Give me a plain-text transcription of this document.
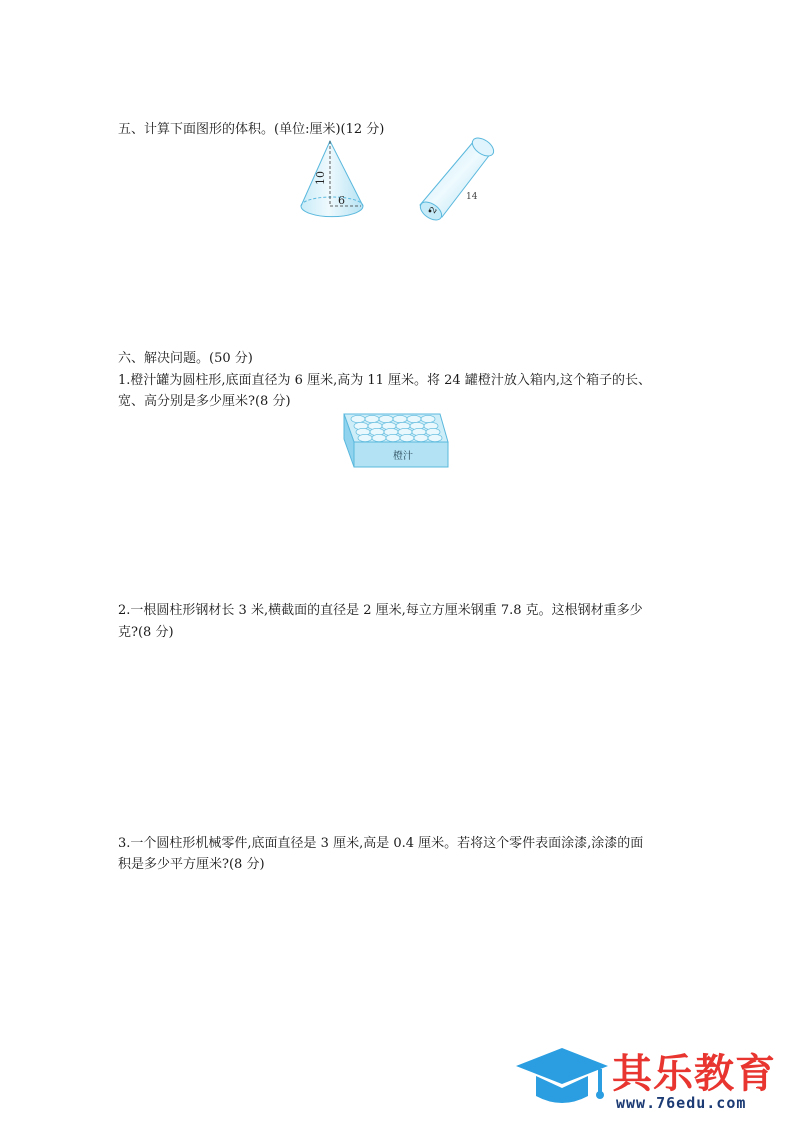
五、计算下面图形的体积。(单位:厘米)(12 分)
10
6
2
14
六、解决问题。(50 分)
1.橙汁罐为圆柱形,底面直径为 6 厘米,高为 11 厘米。将 24 罐橙汁放入箱内,这个箱子的长、
宽、高分别是多少厘米?(8 分)
橙汁
2.一根圆柱形钢材长 3 米,横截面的直径是 2 厘米,每立方厘米钢重 7.8 克。这根钢材重多少
克?(8 分)
3.一个圆柱形机械零件,底面直径是 3 厘米,高是 0.4 厘米。若将这个零件表面涂漆,涂漆的面
积是多少平方厘米?(8 分)
其乐教育
www.76edu.com
